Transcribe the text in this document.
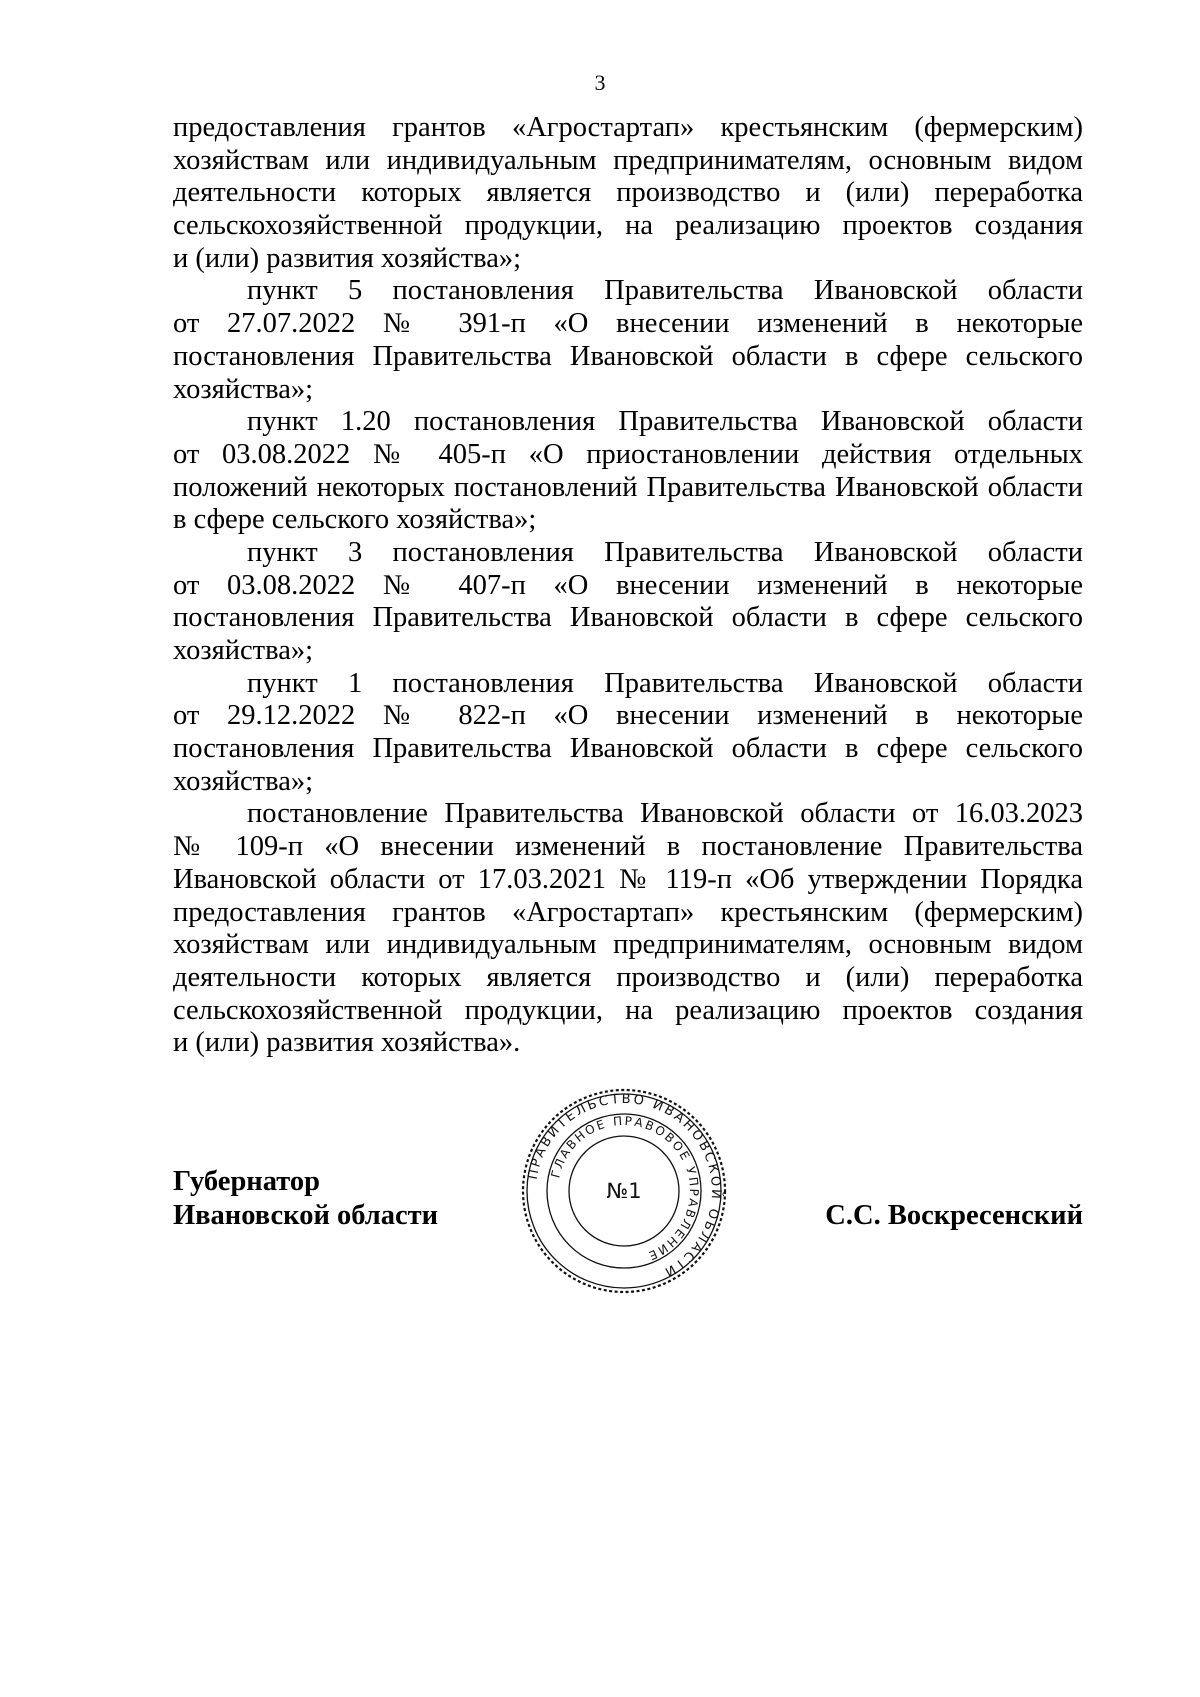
3
предоставления грантов «Агростартап» крестьянским (фермерским)
хозяйствам или индивидуальным предпринимателям, основным видом
деятельности которых является производство и (или) переработка
сельскохозяйственной продукции, на реализацию проектов создания
и (или) развития хозяйства»;
пункт 5 постановления Правительства Ивановской области
от 27.07.2022 № 391-п «О внесении изменений в некоторые
постановления Правительства Ивановской области в сфере сельского
хозяйства»;
пункт 1.20 постановления Правительства Ивановской области
от 03.08.2022 № 405-п «О приостановлении действия отдельных
положений некоторых постановлений Правительства Ивановской области
в сфере сельского хозяйства»;
пункт 3 постановления Правительства Ивановской области
от 03.08.2022 № 407-п «О внесении изменений в некоторые
постановления Правительства Ивановской области в сфере сельского
хозяйства»;
пункт 1 постановления Правительства Ивановской области
от 29.12.2022 № 822-п «О внесении изменений в некоторые
постановления Правительства Ивановской области в сфере сельского
хозяйства»;
постановление Правительства Ивановской области от 16.03.2023
№ 109-п «О внесении изменений в постановление Правительства
Ивановской области от 17.03.2021 № 119-п «Об утверждении Порядка
предоставления грантов «Агростартап» крестьянским (фермерским)
хозяйствам или индивидуальным предпринимателям, основным видом
деятельности которых является производство и (или) переработка
сельскохозяйственной продукции, на реализацию проектов создания
и (или) развития хозяйства».
Губернатор
Ивановской области
ПРАВИТЕЛЬСТВО ИВАНОВСКОЙ ОБЛАСТИ
ГЛАВНОЕ ПРАВОВОЕ УПРАВЛЕНИЕ
№1
С.С. Воскресенский
